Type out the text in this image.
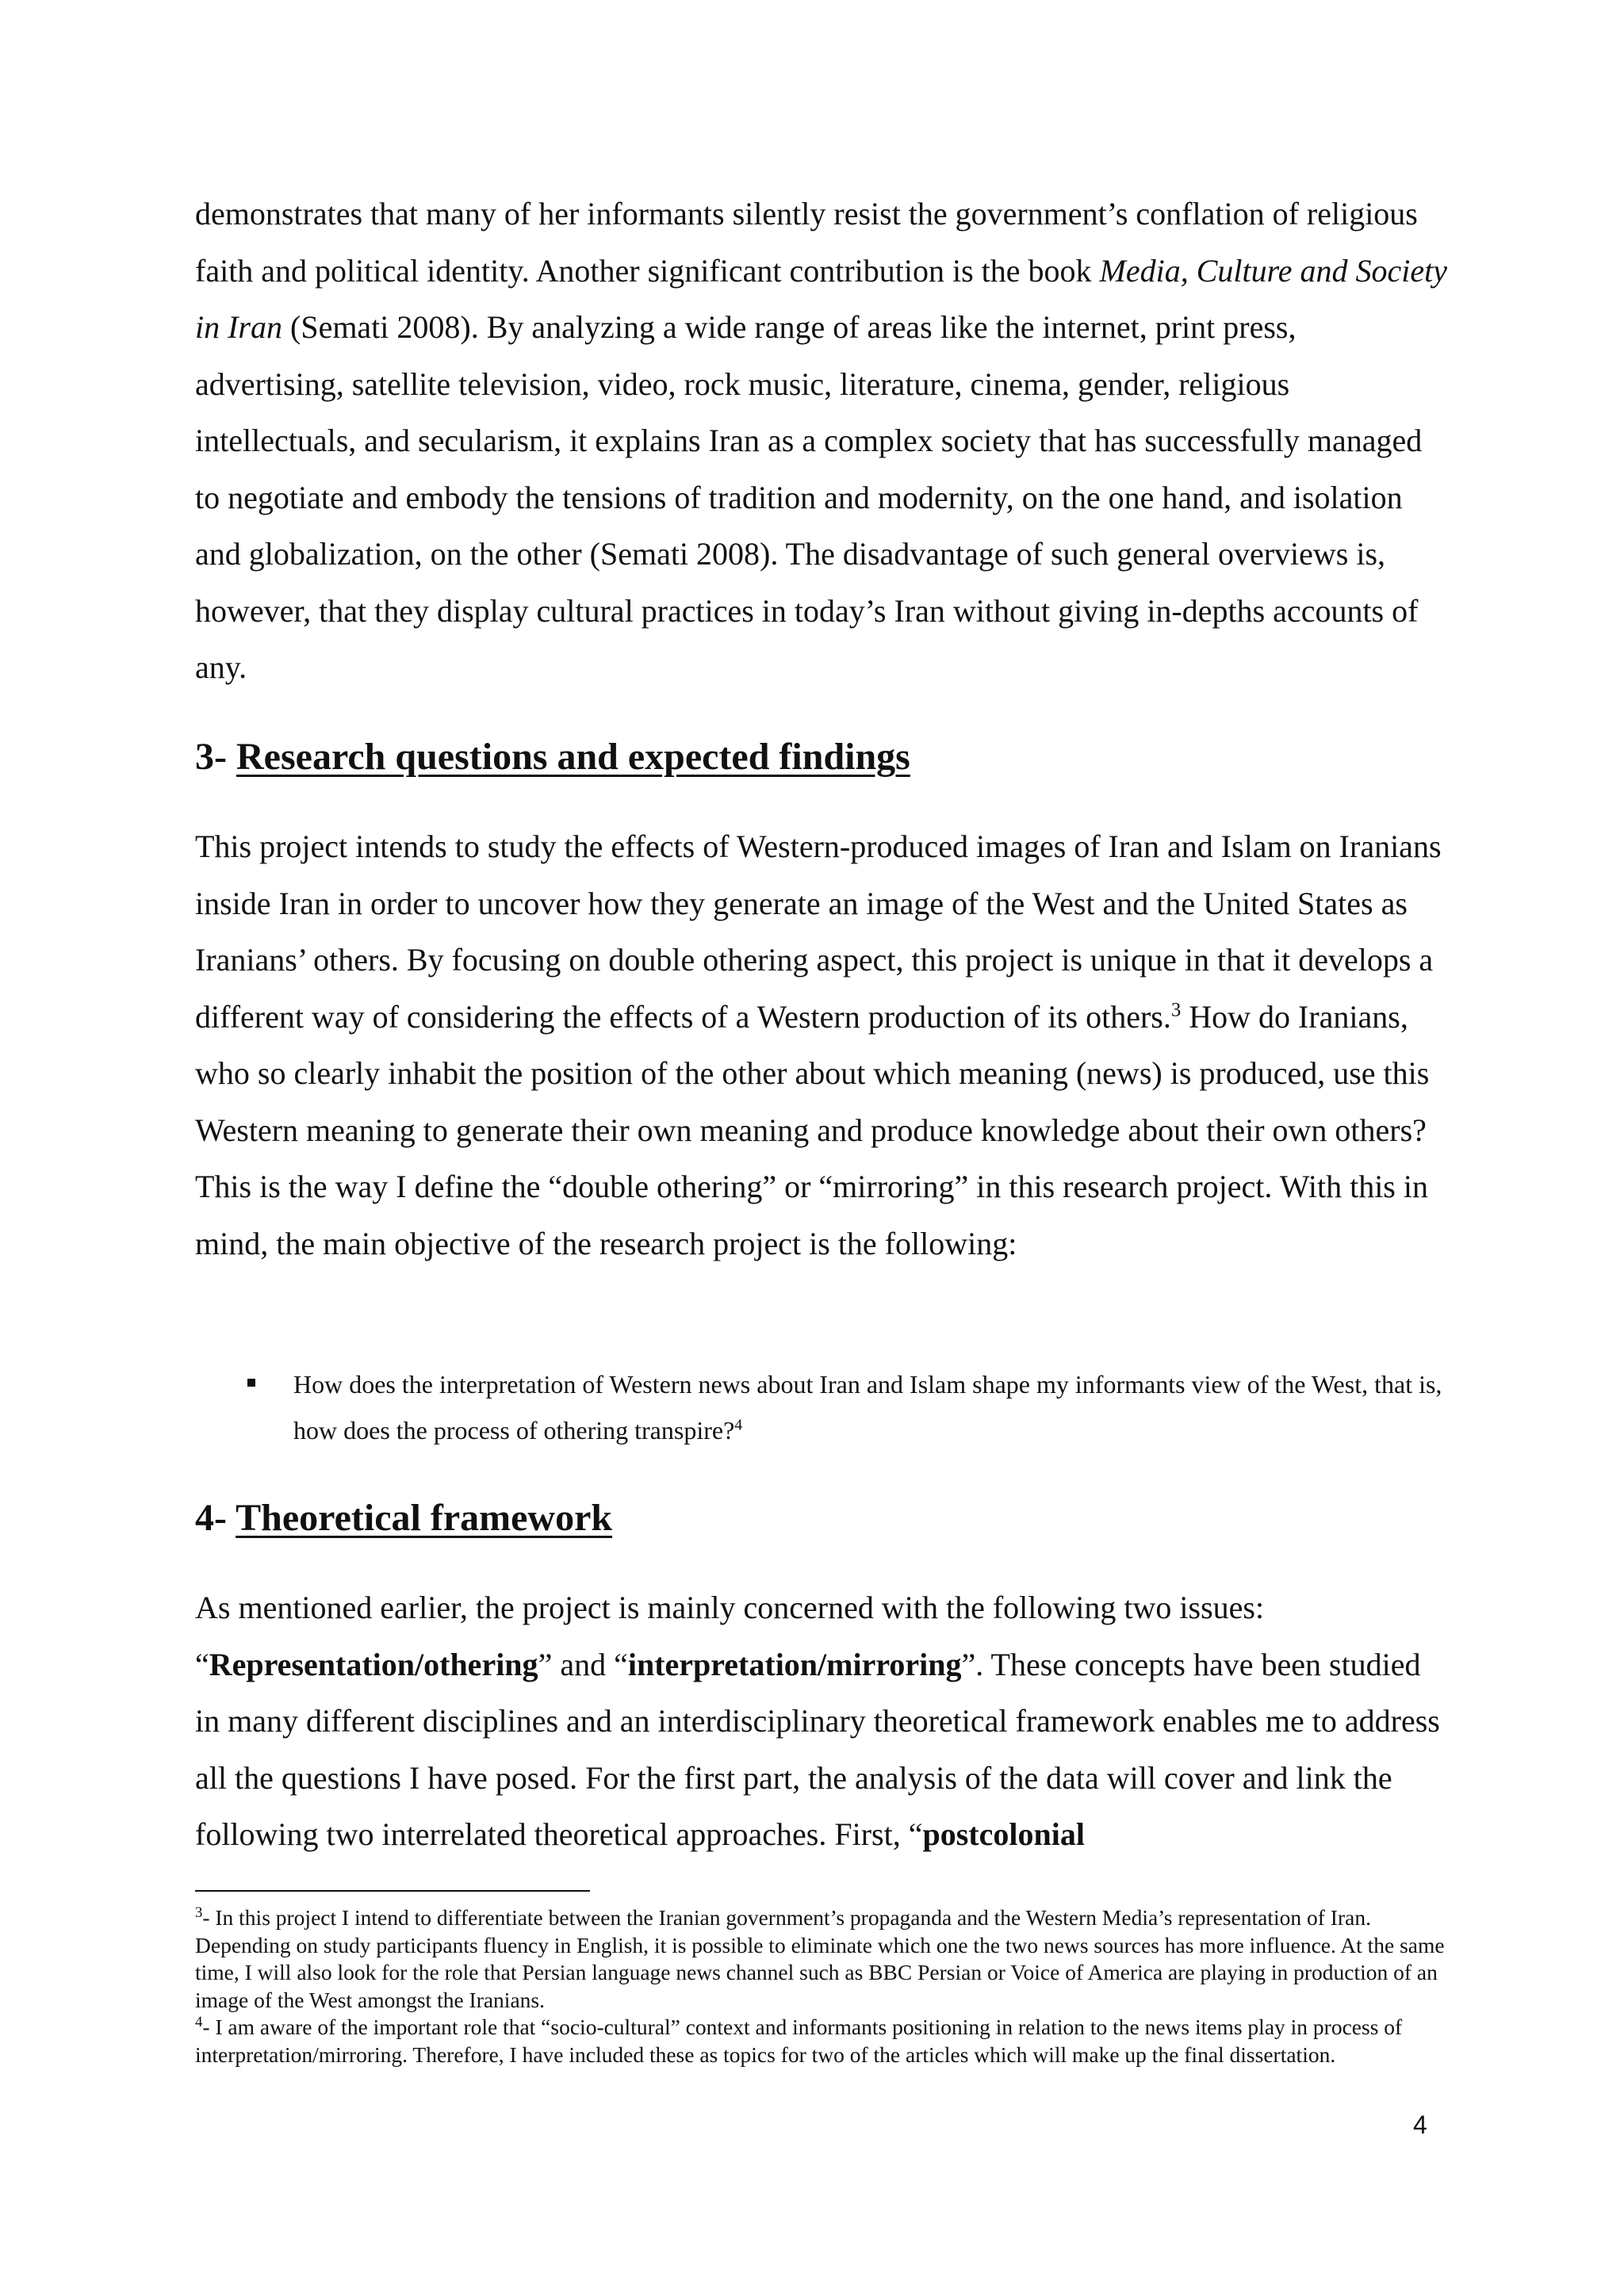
demonstrates that many of her informants silently resist the government’s conflation of religious faith and political identity. Another significant contribution is the book Media, Culture and Society in Iran (Semati 2008). By analyzing a wide range of areas like the internet, print press, advertising, satellite television, video, rock music, literature, cinema, gender, religious intellectuals, and secularism, it explains Iran as a complex society that has successfully managed to negotiate and embody the tensions of tradition and modernity, on the one hand, and isolation and globalization, on the other (Semati 2008). The disadvantage of such general overviews is, however, that they display cultural practices in today’s Iran without giving in-depths accounts of any.

3- Research questions and expected findings

This project intends to study the effects of Western-produced images of Iran and Islam on Iranians inside Iran in order to uncover how they generate an image of the West and the United States as Iranians’ others. By focusing on double othering aspect, this project is unique in that it develops a different way of considering the effects of a Western production of its others.$^3$ How do Iranians, who so clearly inhabit the position of the other about which meaning (news) is produced, use this Western meaning to generate their own meaning and produce knowledge about their own others? This is the way I define the “double othering” or “mirroring” in this research project. With this in mind, the main objective of the research project is the following:

How does the interpretation of Western news about Iran and Islam shape my informants view of the West, that is, how does the process of othering transpire?$^4$
4- Theoretical framework

As mentioned earlier, the project is mainly concerned with the following two issues: “Representation/othering” and “interpretation/mirroring”. These concepts have been studied in many different disciplines and an interdisciplinary theoretical framework enables me to address all the questions I have posed. For the first part, the analysis of the data will cover and link the following two interrelated theoretical approaches. First, “postcolonial

$^3$- In this project I intend to differentiate between the Iranian government’s propaganda and the Western Media’s representation of Iran. Depending on study participants fluency in English, it is possible to eliminate which one the two news sources has more influence. At the same time, I will also look for the role that Persian language news channel such as BBC Persian or Voice of America are playing in production of an image of the West amongst the Iranians.

$^4$- I am aware of the important role that “socio-cultural” context and informants positioning in relation to the news items play in process of interpretation/mirroring. Therefore, I have included these as topics for two of the articles which will make up the final dissertation.

4
